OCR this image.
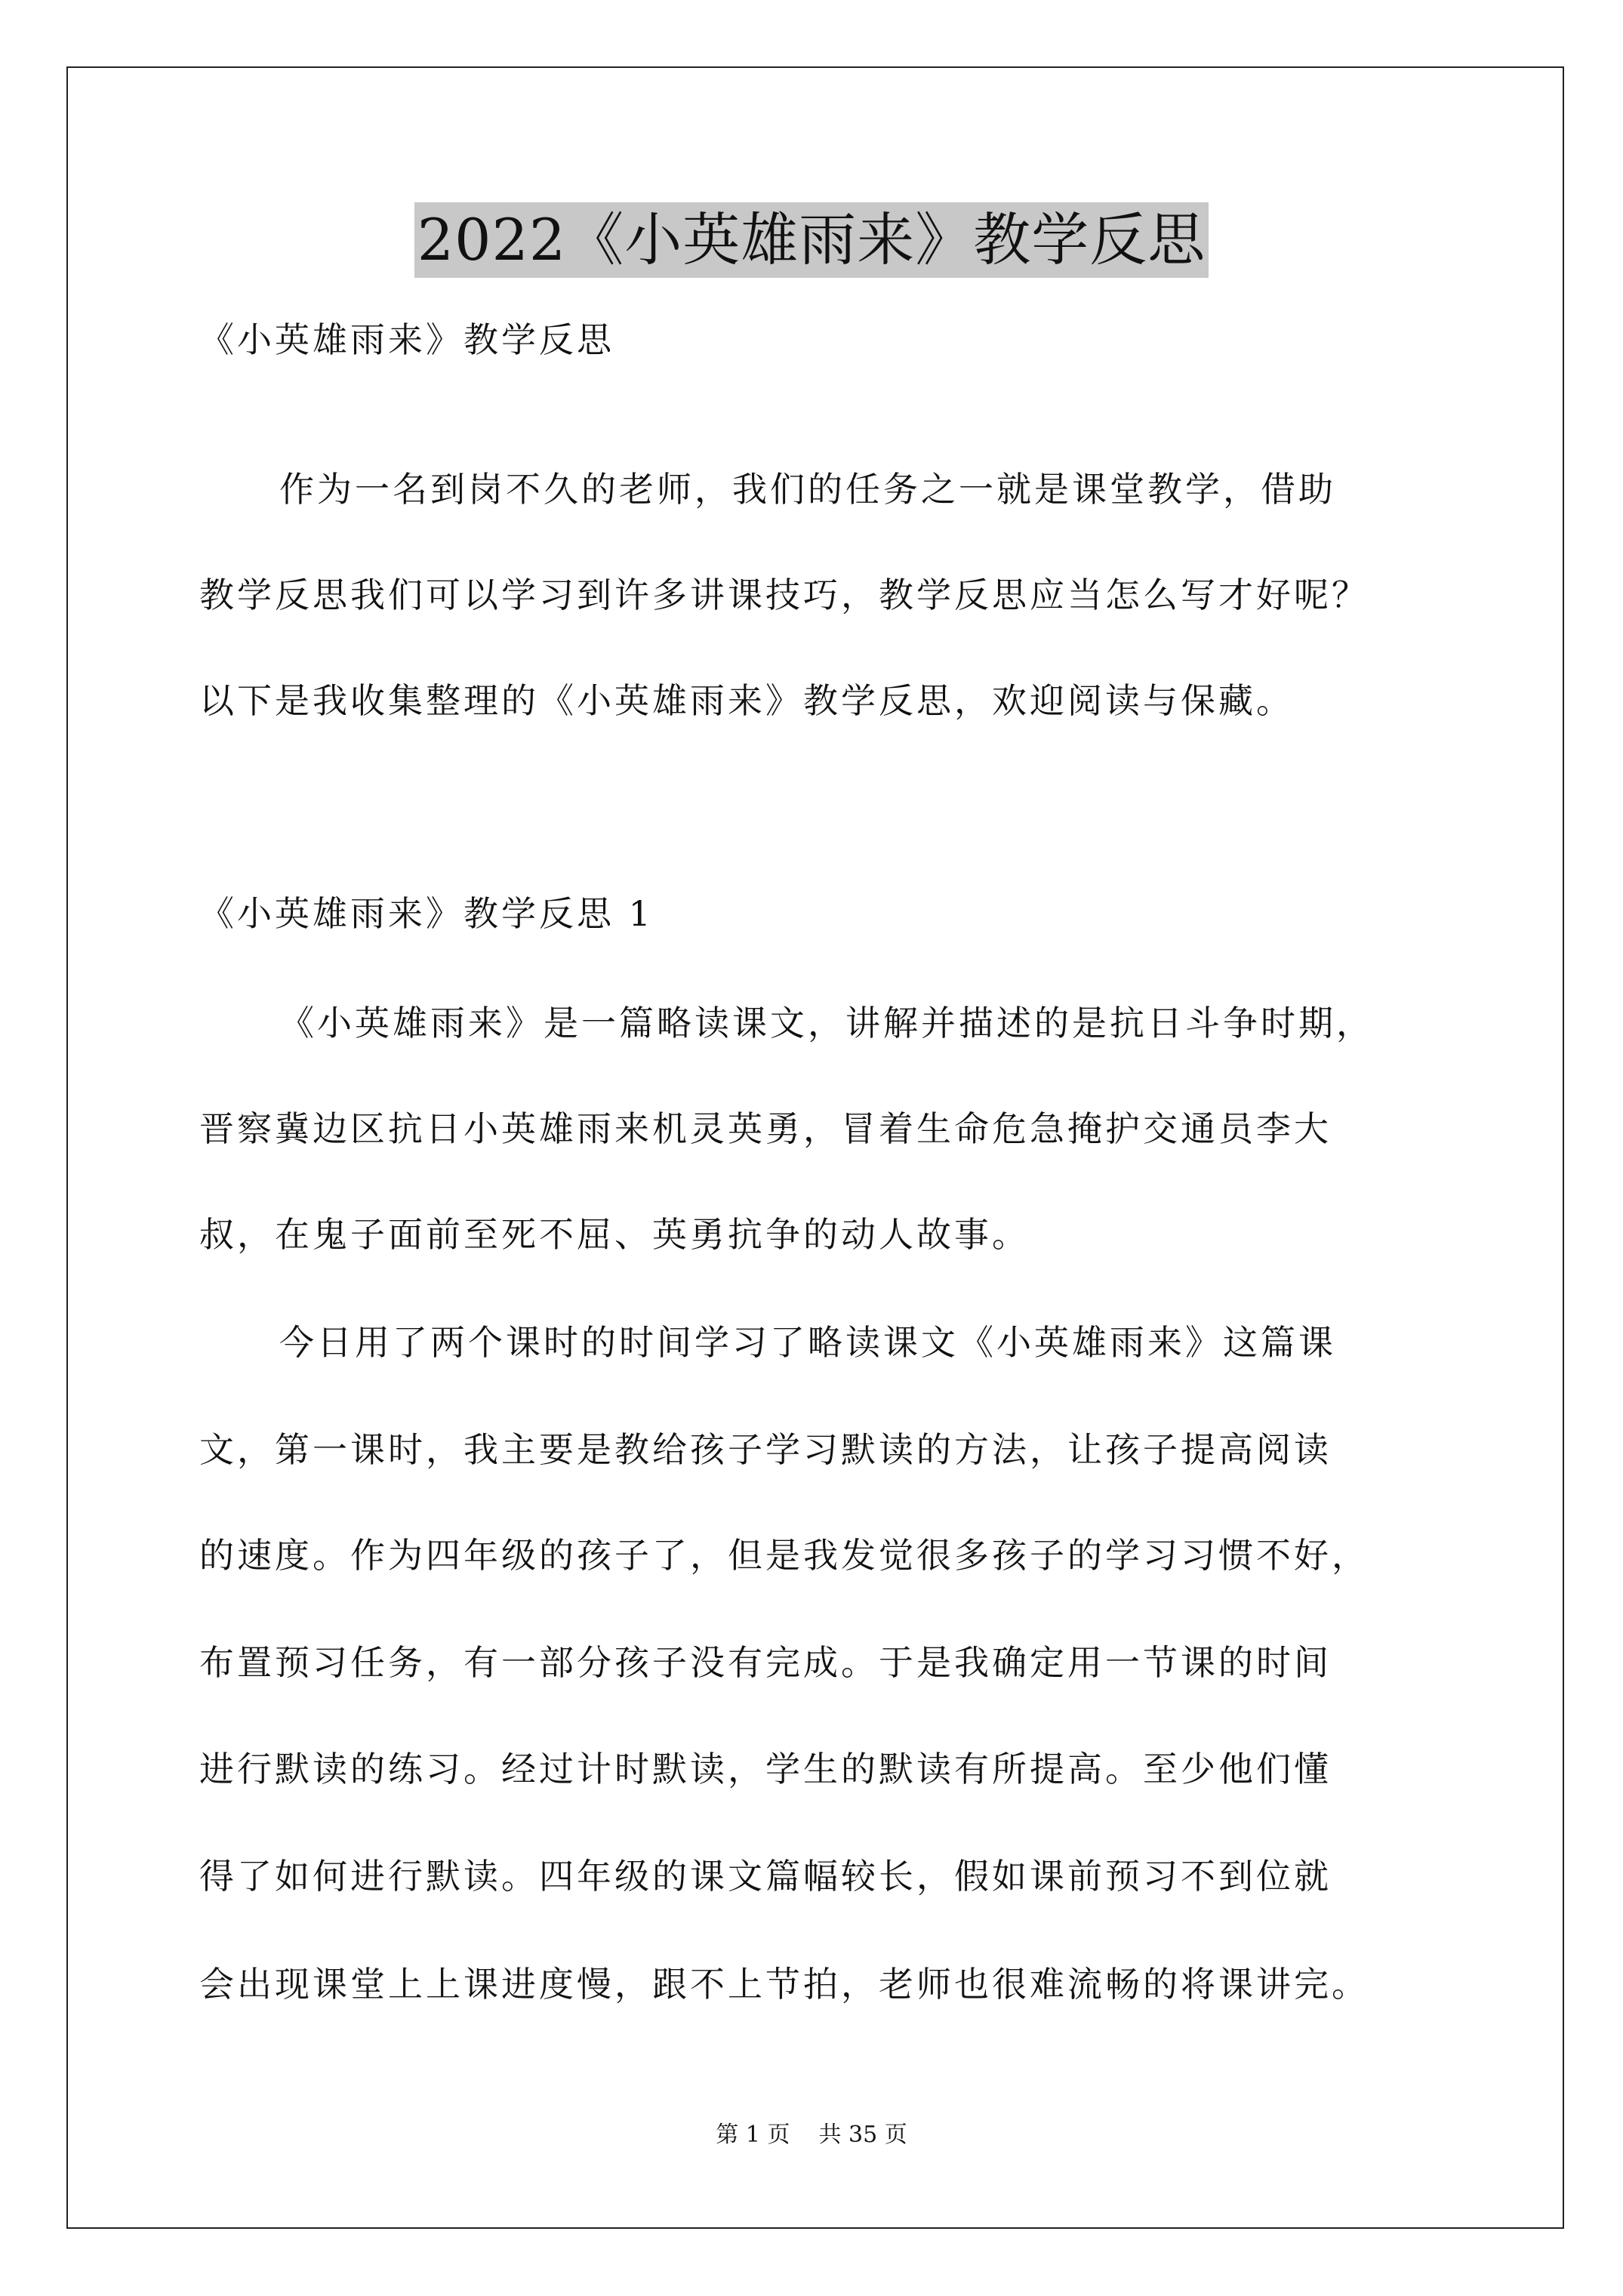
2022《小英雄雨来》教学反思
《小英雄雨来》教学反思
作为一名到岗不久的老师，我们的任务之一就是课堂教学，借助
教学反思我们可以学习到许多讲课技巧，教学反思应当怎么写才好呢？
以下是我收集整理的《小英雄雨来》教学反思，欢迎阅读与保藏。
《小英雄雨来》教学反思 1
《小英雄雨来》是一篇略读课文，讲解并描述的是抗日斗争时期，
晋察冀边区抗日小英雄雨来机灵英勇，冒着生命危急掩护交通员李大
叔，在鬼子面前至死不屈、英勇抗争的动人故事。
今日用了两个课时的时间学习了略读课文《小英雄雨来》这篇课
文，第一课时，我主要是教给孩子学习默读的方法，让孩子提高阅读
的速度。作为四年级的孩子了，但是我发觉很多孩子的学习习惯不好，
布置预习任务，有一部分孩子没有完成。于是我确定用一节课的时间
进行默读的练习。经过计时默读，学生的默读有所提高。至少他们懂
得了如何进行默读。四年级的课文篇幅较长，假如课前预习不到位就
会出现课堂上上课进度慢，跟不上节拍，老师也很难流畅的将课讲完。
第 1 页 共 35 页
